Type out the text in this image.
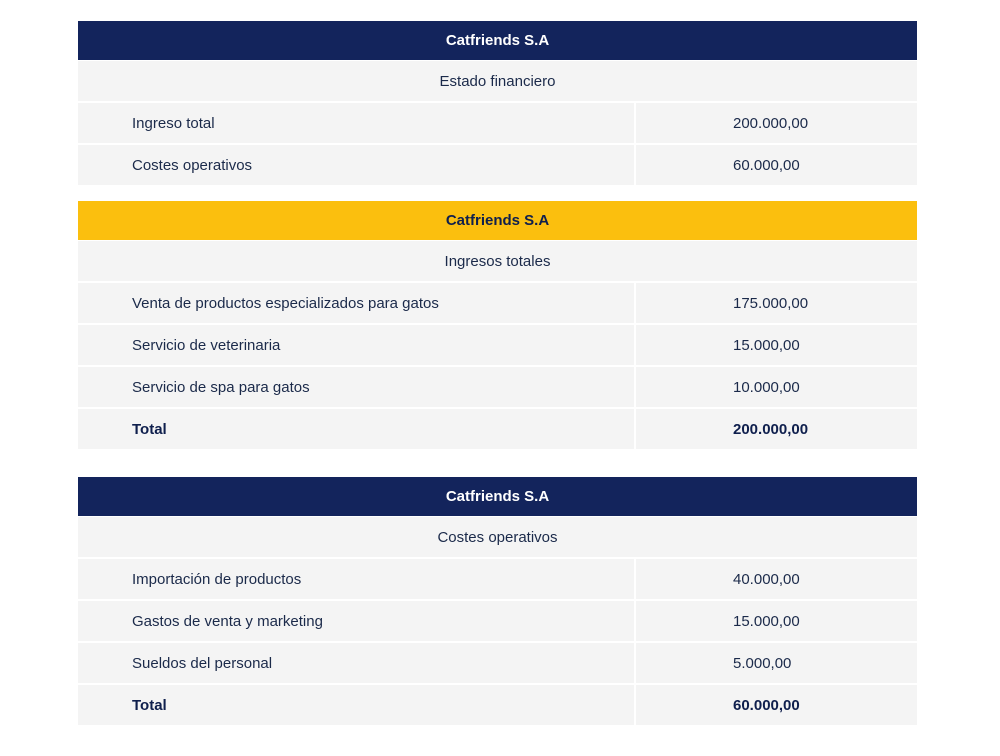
Catfriends S.A
Estado financiero
Ingreso total	200.000,00
Costes operativos	60.000,00
Catfriends S.A
Ingresos totales
Venta de productos especializados para gatos	175.000,00
Servicio de veterinaria	15.000,00
Servicio de spa para gatos	10.000,00
Total	200.000,00
Catfriends S.A
Costes operativos
Importación de productos	40.000,00
Gastos de venta y marketing	15.000,00
Sueldos del personal	5.000,00
Total	60.000,00
